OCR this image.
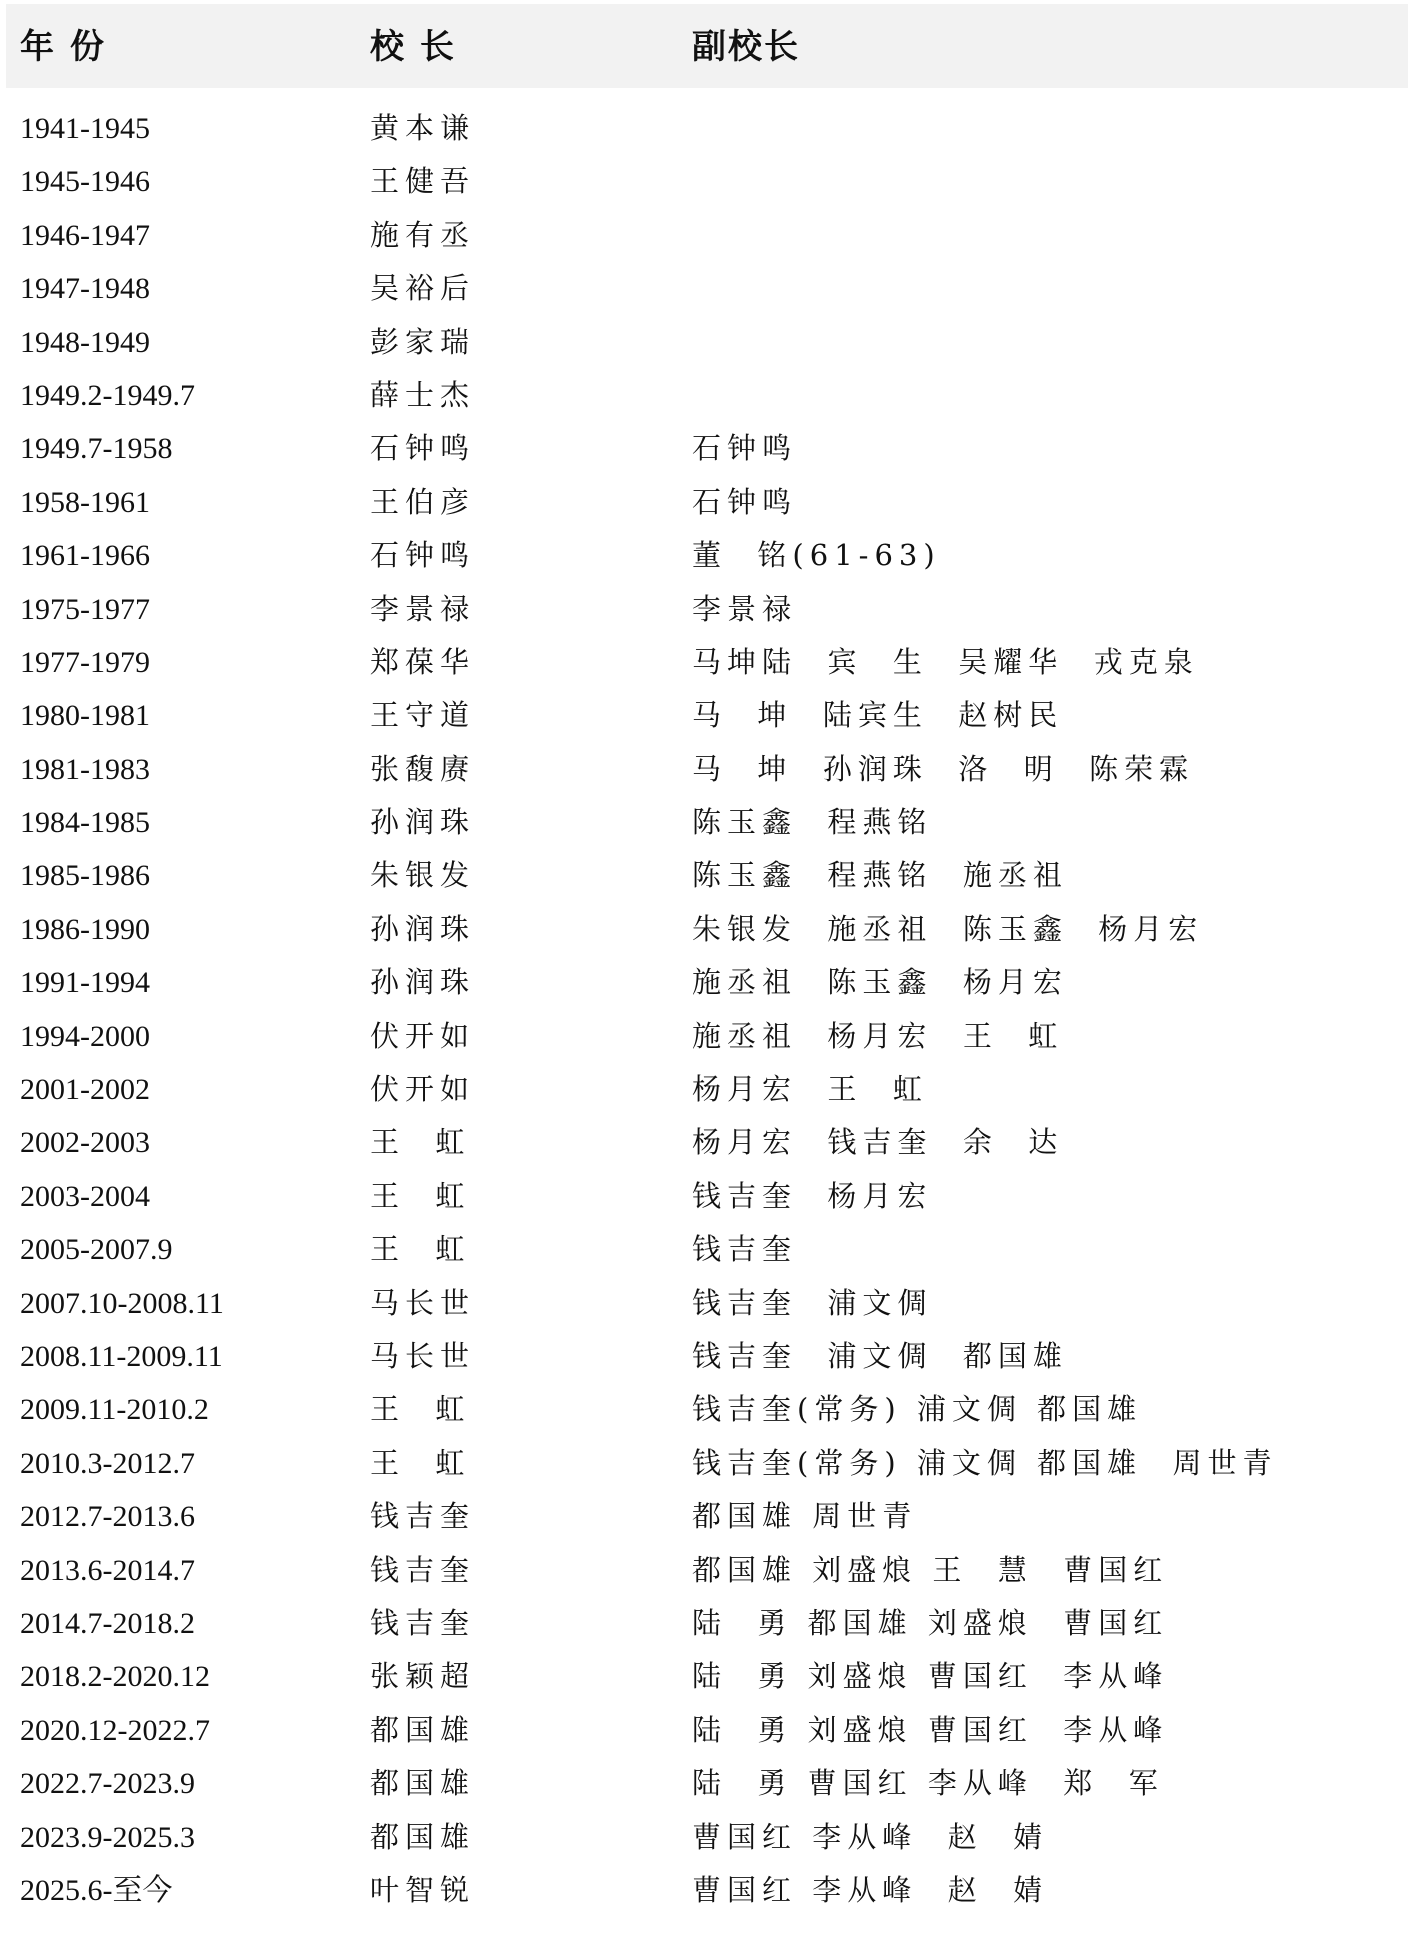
年 份	校 长	副校长
1941-1945	黄本谦
1945-1946	王健吾
1946-1947	施有丞
1947-1948	吴裕后
1948-1949	彭家瑞
1949.2-1949.7	薛士杰
1949.7-1958	石钟鸣	石钟鸣
1958-1961	王伯彦	石钟鸣
1961-1966	石钟鸣	董  铭(61-63)
1975-1977	李景禄	李景禄
1977-1979	郑葆华	马坤陆  宾  生  吴耀华  戎克泉
1980-1981	王守道	马  坤  陆宾生  赵树民
1981-1983	张馥赓	马  坤  孙润珠  洛  明  陈荣霖
1984-1985	孙润珠	陈玉鑫  程燕铭
1985-1986	朱银发	陈玉鑫  程燕铭  施丞祖
1986-1990	孙润珠	朱银发  施丞祖  陈玉鑫  杨月宏
1991-1994	孙润珠	施丞祖  陈玉鑫  杨月宏
1994-2000	伏开如	施丞祖  杨月宏  王  虹
2001-2002	伏开如	杨月宏  王  虹
2002-2003	王  虹	杨月宏  钱吉奎  余  达
2003-2004	王  虹	钱吉奎  杨月宏
2005-2007.9	王  虹	钱吉奎
2007.10-2008.11	马长世	钱吉奎  浦文倜
2008.11-2009.11	马长世	钱吉奎  浦文倜  都国雄
2009.11-2010.2	王  虹	钱吉奎(常务) 浦文倜 都国雄
2010.3-2012.7	王  虹	钱吉奎(常务) 浦文倜 都国雄  周世青
2012.7-2013.6	钱吉奎	都国雄 周世青
2013.6-2014.7	钱吉奎	都国雄 刘盛烺 王  慧  曹国红
2014.7-2018.2	钱吉奎	陆  勇 都国雄 刘盛烺  曹国红
2018.2-2020.12	张颖超	陆  勇 刘盛烺 曹国红  李从峰
2020.12-2022.7	都国雄	陆  勇 刘盛烺 曹国红  李从峰
2022.7-2023.9	都国雄	陆  勇 曹国红 李从峰  郑  军
2023.9-2025.3	都国雄	曹国红 李从峰  赵  婧
2025.6-至今	叶智锐	曹国红 李从峰  赵  婧
